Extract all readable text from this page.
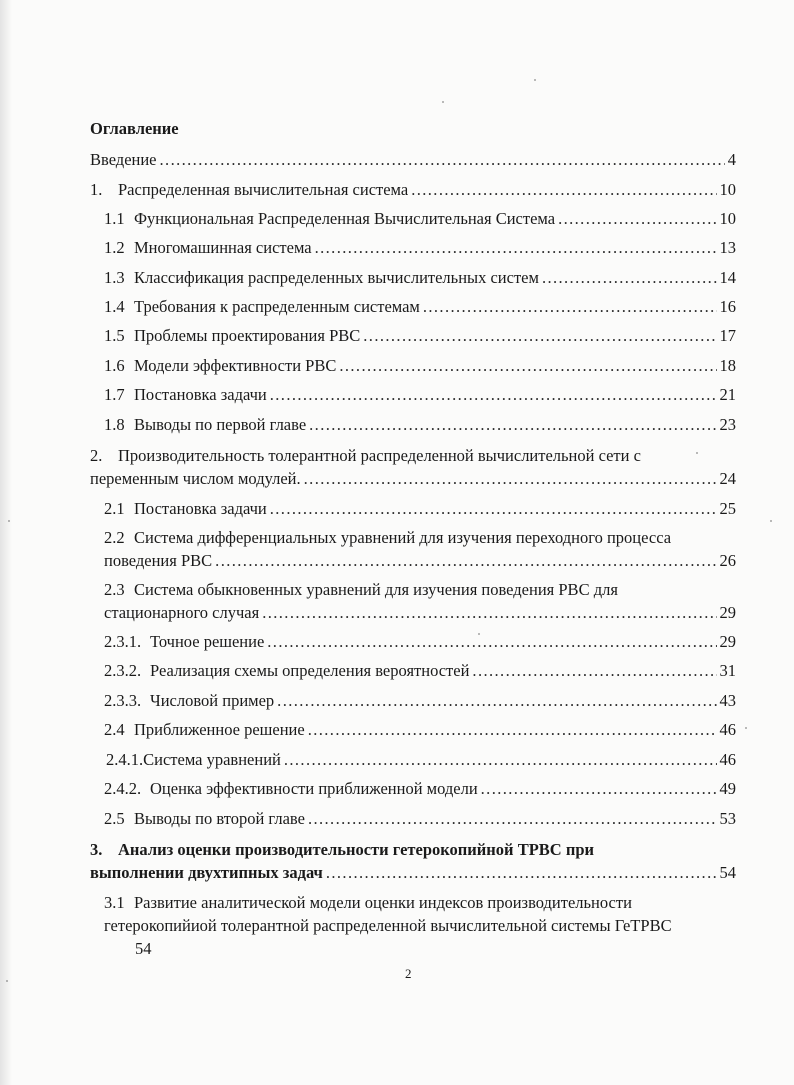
Оглавление
Введение .....	4
1. Распределенная вычислительная система .....	10
1.1 Функциональная Распределенная Вычислительная Система .....	10
1.2 Многомашинная система .....	13
1.3 Классификация распределенных вычислительных систем .....	14
1.4 Требования к распределенным системам .....	16
1.5 Проблемы проектирования РВС .....	17
1.6 Модели эффективности РВС .....	18
1.7 Постановка задачи .....	21
1.8 Выводы по первой главе .....	23
2. Производительность толерантной распределенной вычислительной сети с
переменным числом модулей. .....	24
2.1 Постановка задачи .....	25
2.2 Система дифференциальных уравнений для изучения переходного процесса
поведения РВС .....	26
2.3 Система обыкновенных уравнений для изучения поведения РВС для
стационарного случая .....	29
2.3.1. Точное решение .....	29
2.3.2. Реализация схемы определения вероятностей .....	31
2.3.3. Числовой пример .....	43
2.4 Приближенное решение .....	46
2.4.1. Система уравнений .....	46
2.4.2. Оценка эффективности приближенной модели .....	49
2.5 Выводы по второй главе .....	53
3. Анализ оценки производительности гетерокопийной ТРВС при
выполнении двухтипных задач .....	54
3.1 Развитие аналитической модели оценки индексов производительности
гетерокопийиой толерантной распределенной вычислительной системы ГеТРВС
54
2
